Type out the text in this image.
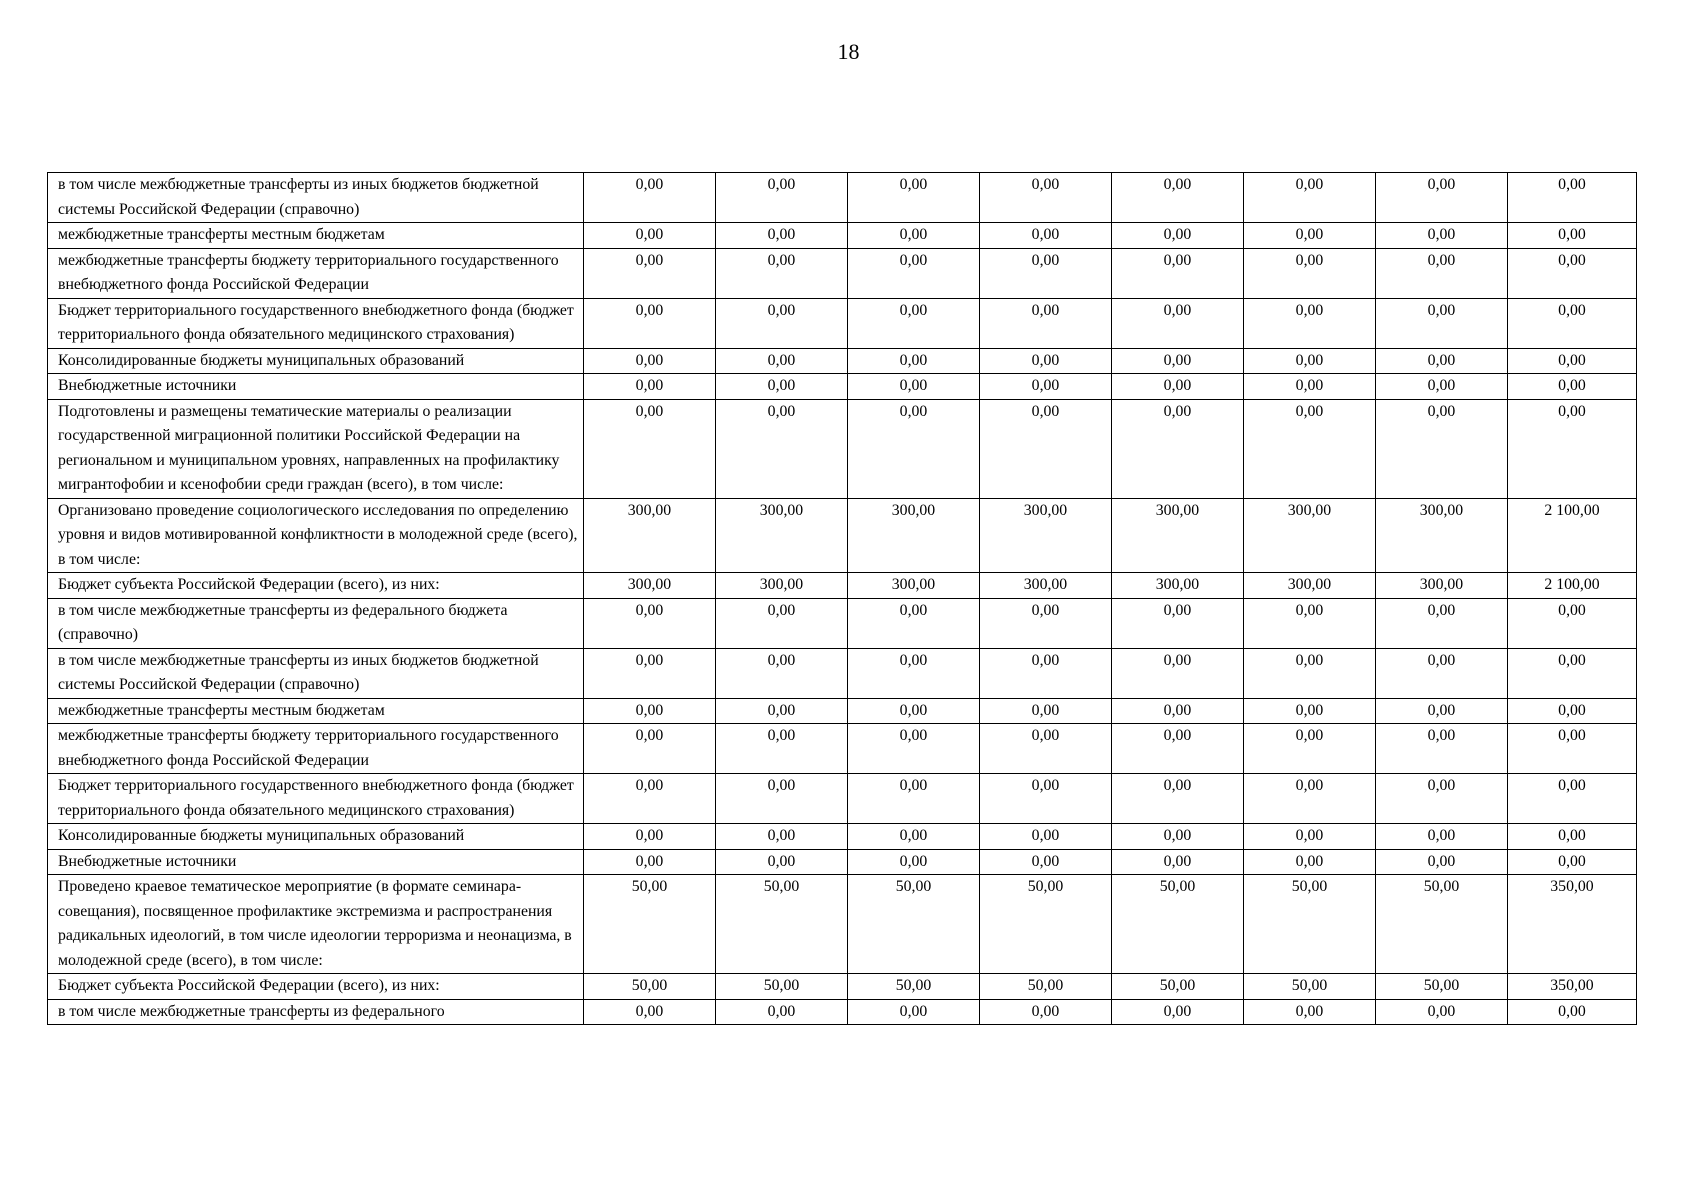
18
в том числе межбюджетные трансферты из иных бюджетов бюджетной системы Российской Федерации (справочно)	0,00	0,00	0,00	0,00	0,00	0,00	0,00	0,00
межбюджетные трансферты местным бюджетам	0,00	0,00	0,00	0,00	0,00	0,00	0,00	0,00
межбюджетные трансферты бюджету территориального государственного внебюджетного фонда Российской Федерации	0,00	0,00	0,00	0,00	0,00	0,00	0,00	0,00
Бюджет территориального государственного внебюджетного фонда (бюджет территориального фонда обязательного медицинского страхования)	0,00	0,00	0,00	0,00	0,00	0,00	0,00	0,00
Консолидированные бюджеты муниципальных образований	0,00	0,00	0,00	0,00	0,00	0,00	0,00	0,00
Внебюджетные источники	0,00	0,00	0,00	0,00	0,00	0,00	0,00	0,00
Подготовлены и размещены тематические материалы о реализации государственной миграционной политики Российской Федерации на региональном и муниципальном уровнях, направленных на профилактику мигрантофобии и ксенофобии среди граждан (всего), в том числе:	0,00	0,00	0,00	0,00	0,00	0,00	0,00	0,00
Организовано проведение социологического исследования по определению уровня и видов мотивированной конфликтности в молодежной среде (всего), в том числе:	300,00	300,00	300,00	300,00	300,00	300,00	300,00	2 100,00
Бюджет субъекта Российской Федерации (всего), из них:	300,00	300,00	300,00	300,00	300,00	300,00	300,00	2 100,00
в том числе межбюджетные трансферты из федерального бюджета (справочно)	0,00	0,00	0,00	0,00	0,00	0,00	0,00	0,00
в том числе межбюджетные трансферты из иных бюджетов бюджетной системы Российской Федерации (справочно)	0,00	0,00	0,00	0,00	0,00	0,00	0,00	0,00
межбюджетные трансферты местным бюджетам	0,00	0,00	0,00	0,00	0,00	0,00	0,00	0,00
межбюджетные трансферты бюджету территориального государственного внебюджетного фонда Российской Федерации	0,00	0,00	0,00	0,00	0,00	0,00	0,00	0,00
Бюджет территориального государственного внебюджетного фонда (бюджет территориального фонда обязательного медицинского страхования)	0,00	0,00	0,00	0,00	0,00	0,00	0,00	0,00
Консолидированные бюджеты муниципальных образований	0,00	0,00	0,00	0,00	0,00	0,00	0,00	0,00
Внебюджетные источники	0,00	0,00	0,00	0,00	0,00	0,00	0,00	0,00
Проведено краевое тематическое мероприятие (в формате семинара-совещания), посвященное профилактике экстремизма и распространения радикальных идеологий, в том числе идеологии терроризма и неонацизма, в молодежной среде (всего), в том числе:	50,00	50,00	50,00	50,00	50,00	50,00	50,00	350,00
Бюджет субъекта Российской Федерации (всего), из них:	50,00	50,00	50,00	50,00	50,00	50,00	50,00	350,00
в том числе межбюджетные трансферты из федерального	0,00	0,00	0,00	0,00	0,00	0,00	0,00	0,00
